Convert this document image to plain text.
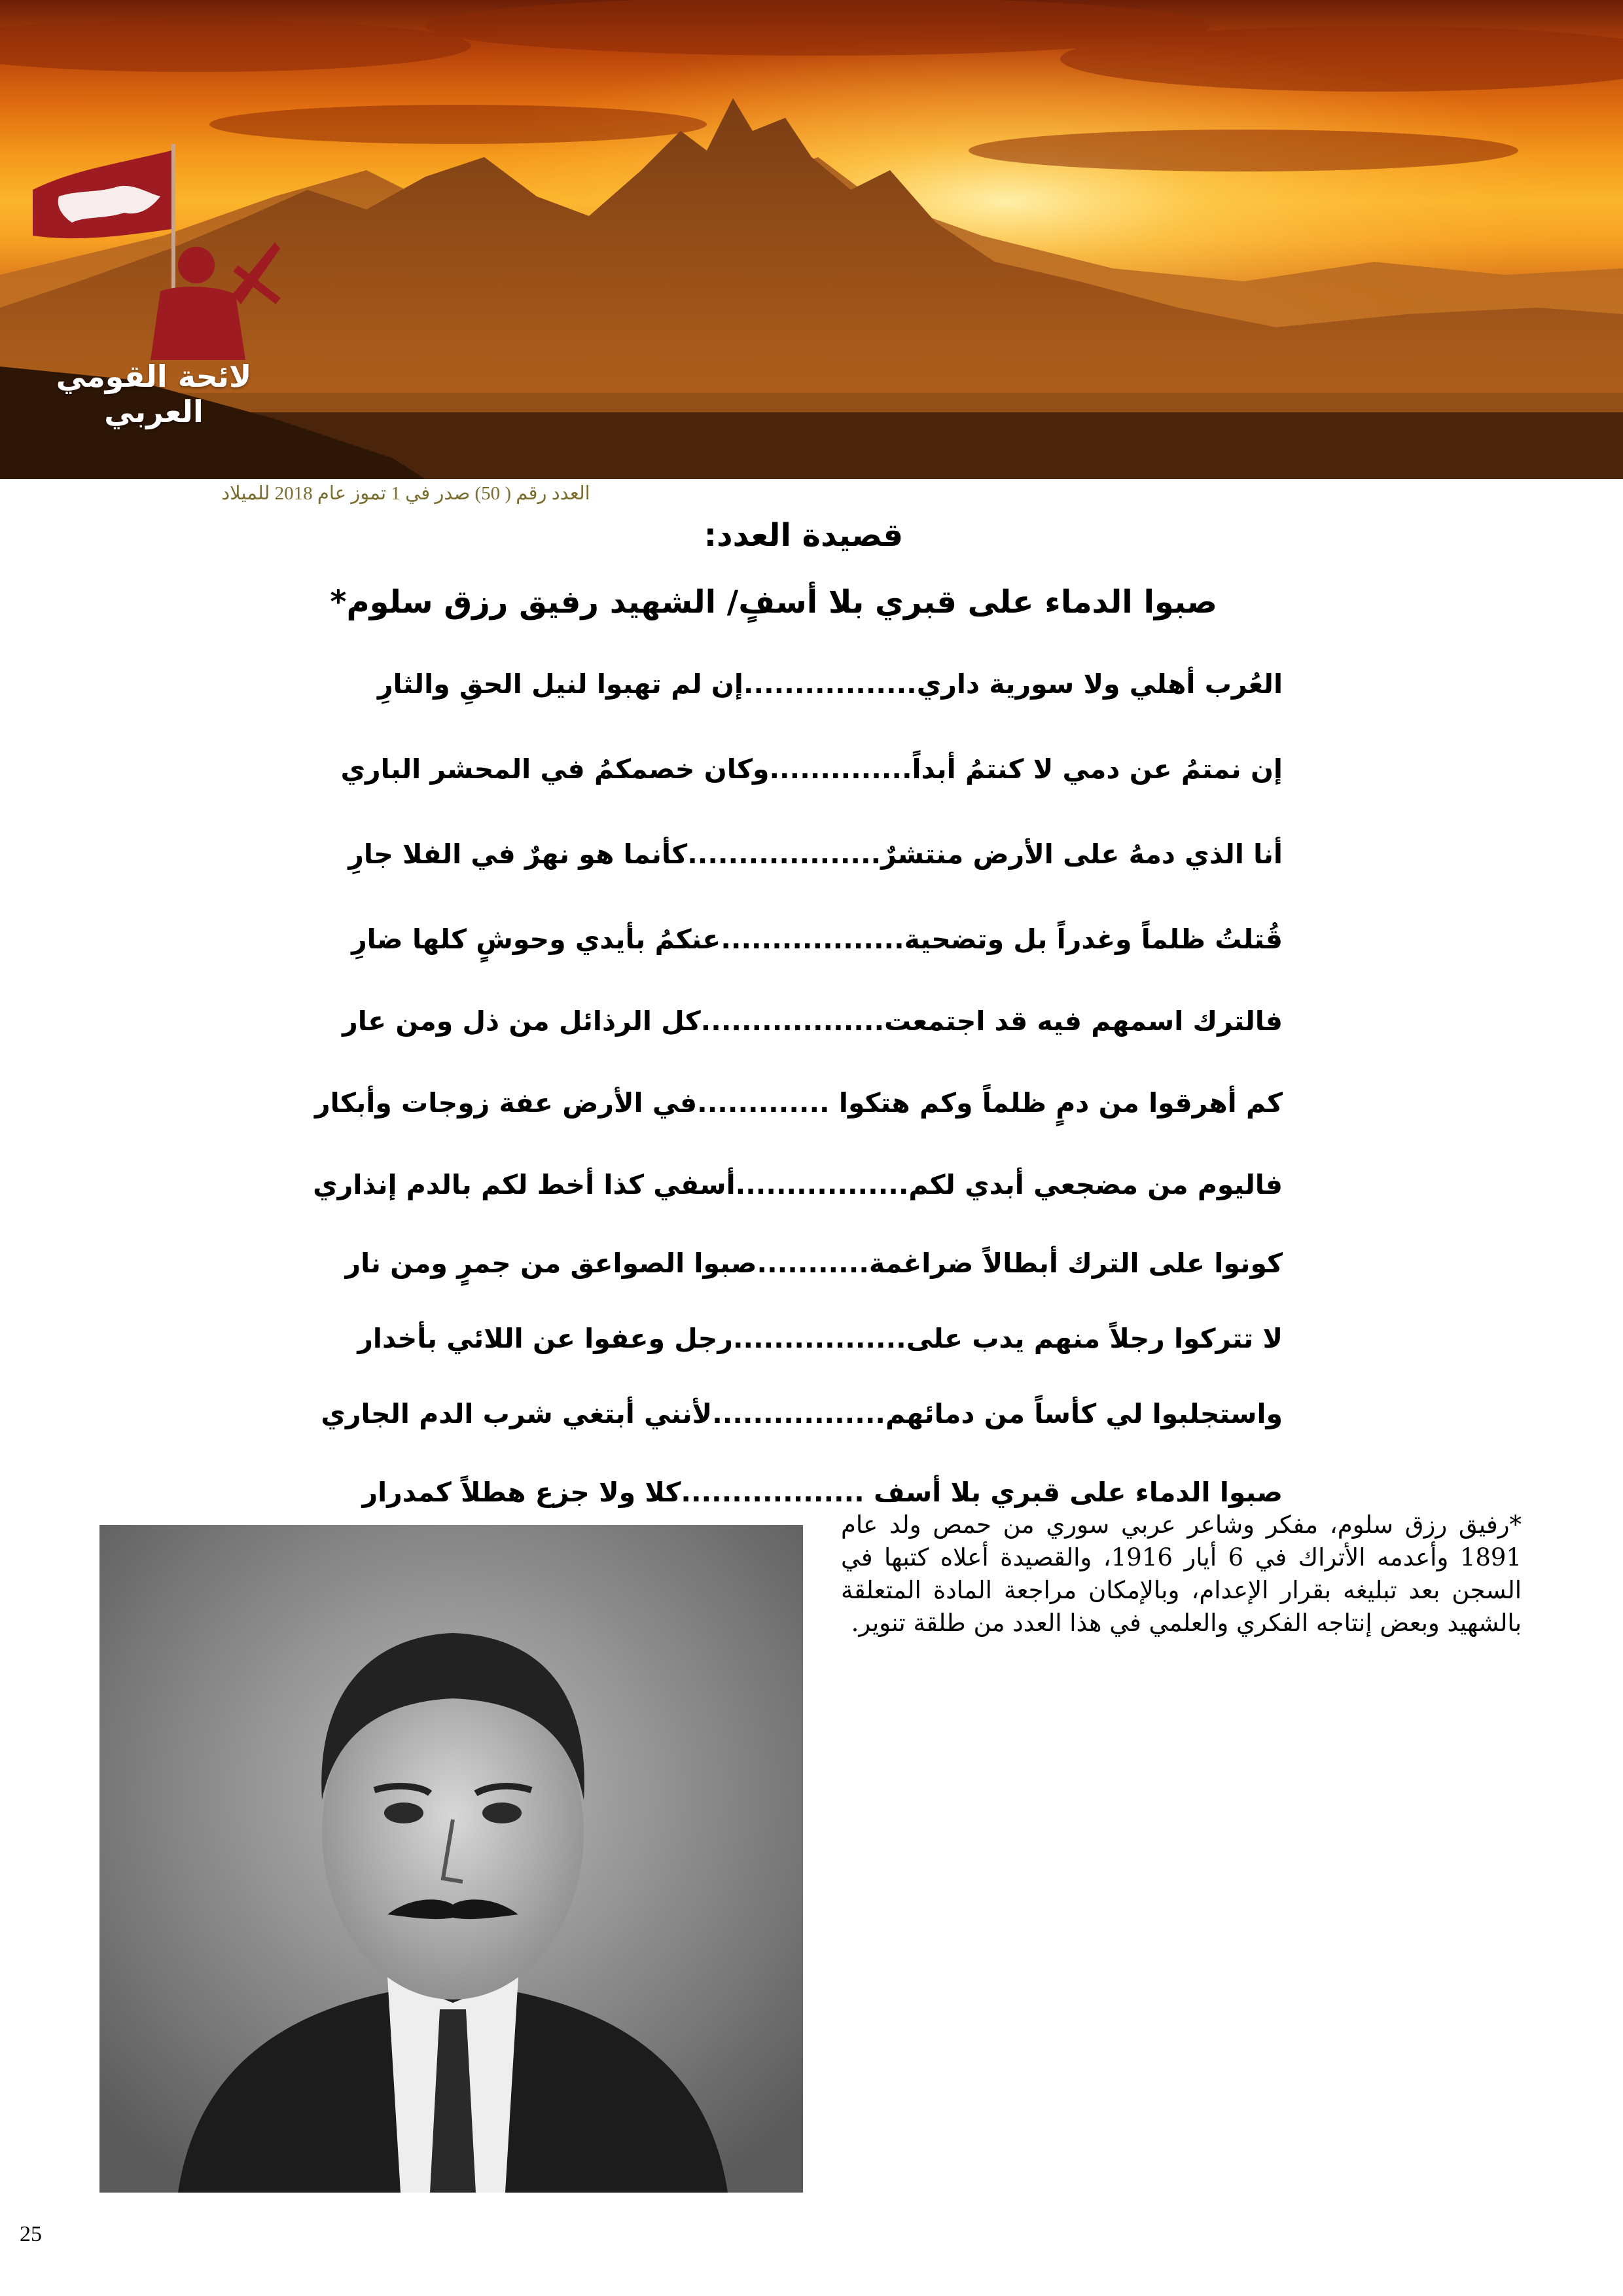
لائحة القومي العربي
العدد رقم ( 50) صدر في 1 تموز عام 2018 للميلاد
قصيدة العدد:
صبوا الدماء على قبري بلا أسفٍ/ الشهيد رفيق رزق سلوم*
العُرب أهلي ولا سورية داري.................إن لم تهبوا لنيل الحقِ والثارِ
إن نمتمُ عن دمي لا كنتمُ أبداً..............وكان خصمكمُ في المحشر الباري
أنا الذي دمهُ على الأرض منتشرٌ...................كأنما هو نهرٌ في الفلا جارِ
قُتلتُ ظلماً وغدراً بل وتضحية..................عنكمُ بأيدي وحوشٍ كلها ضارِ
فالترك اسمهم فيه قد اجتمعت..................كل الرذائل من ذل ومن عار
كم أهرقوا من دمٍ ظلماً وكم هتكوا .............في الأرض عفة زوجات وأبكار
فاليوم من مضجعي أبدي لكم.................أسفي كذا أخط لكم بالدم إنذاري
كونوا على الترك أبطالاً ضراغمة...........صبوا الصواعق من جمرٍ ومن نار
لا تتركوا رجلاً منهم يدب على.................رجل وعفوا عن اللائي بأخدار
واستجلبوا لي كأساً من دمائهم.................لأنني أبتغي شرب الدم الجاري
صبوا الدماء على قبري بلا أسف ..................كلا ولا جزع هطلاً كمدرار
*رفيق رزق سلوم، مفكر وشاعر عربي سوري من حمص ولد عام 1891 وأعدمه الأتراك في 6 أيار 1916، والقصيدة أعلاه كتبها في السجن بعد تبليغه بقرار الإعدام، وبالإمكان مراجعة المادة المتعلقة بالشهيد وبعض إنتاجه الفكري والعلمي في هذا العدد من طلقة تنوير.
25
